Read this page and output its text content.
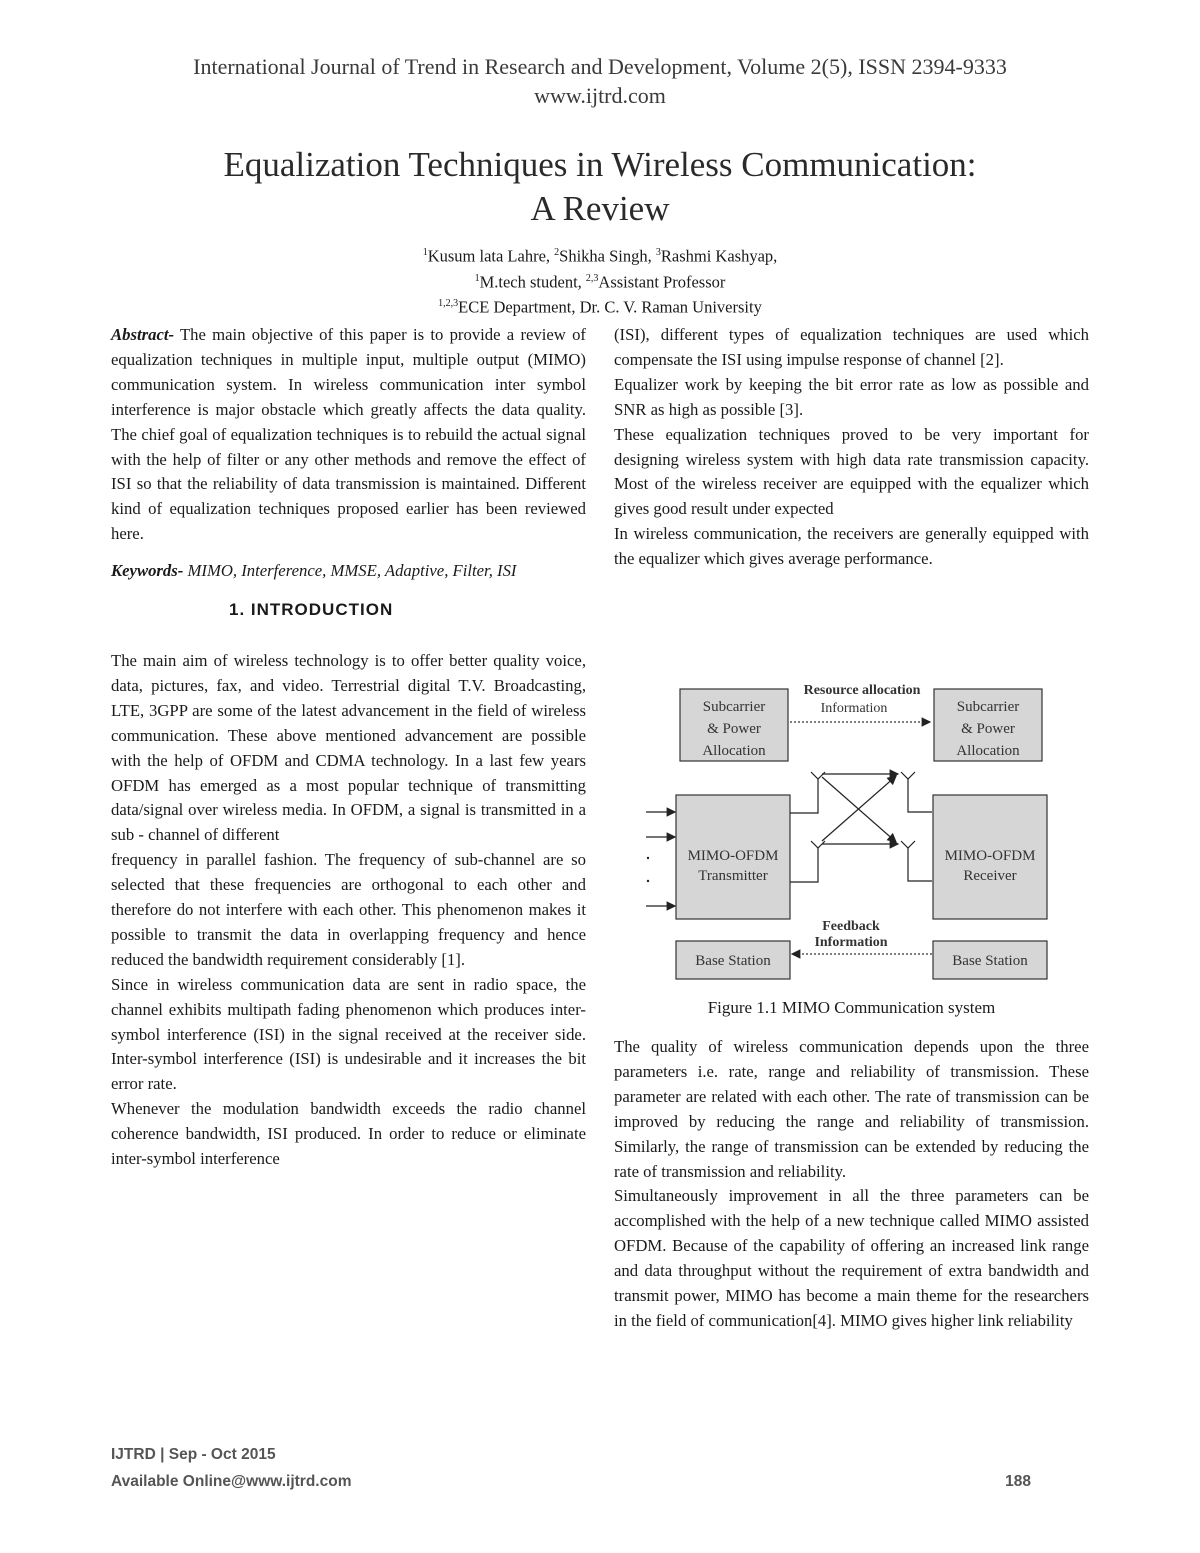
International Journal of Trend in Research and Development, Volume 2(5), ISSN 2394-9333
www.ijtrd.com
Equalization Techniques in Wireless Communication:
A Review
$^1$Kusum lata Lahre, $^2$Shikha Singh, $^3$Rashmi Kashyap,
$^1$M.tech student, $^{2,3}$Assistant Professor
$^{1,2,3}$ECE Department, Dr. C. V. Raman University

Abstract- The main objective of this paper is to provide a review of equalization techniques in multiple input, multiple output (MIMO) communication system. In wireless communication inter symbol interference is major obstacle which greatly affects the data quality. The chief goal of equalization techniques is to rebuild the actual signal with the help of filter or any other methods and remove the effect of ISI so that the reliability of data transmission is maintained. Different kind of equalization techniques proposed earlier has been reviewed here.

Keywords- MIMO, Interference, MMSE, Adaptive, Filter, ISI

1. INTRODUCTION

The main aim of wireless technology is to offer better quality voice, data, pictures, fax, and video. Terrestrial digital T.V. Broadcasting, LTE, 3GPP are some of the latest advancement in the field of wireless communication. These above mentioned advancement are possible with the help of OFDM and CDMA technology. In a last few years OFDM has emerged as a most popular technique of transmitting data/signal over wireless media. In OFDM, a signal is transmitted in a sub - channel of different

frequency in parallel fashion. The frequency of sub-channel are so selected that these frequencies are orthogonal to each other and therefore do not interfere with each other. This phenomenon makes it possible to transmit the data in overlapping frequency and hence reduced the bandwidth requirement considerably [1].

Since in wireless communication data are sent in radio space, the channel exhibits multipath fading phenomenon which produces inter-symbol interference (ISI) in the signal received at the receiver side. Inter-symbol interference (ISI) is undesirable and it increases the bit error rate.

Whenever the modulation bandwidth exceeds the radio channel coherence bandwidth, ISI produced. In order to reduce or eliminate inter-symbol interference

(ISI), different types of equalization techniques are used which compensate the ISI using impulse response of channel [2].

Equalizer work by keeping the bit error rate as low as possible and SNR as high as possible [3].

These equalization techniques proved to be very important for designing wireless system with high data rate transmission capacity. Most of the wireless receiver are equipped with the equalizer which gives good result under expected

In wireless communication, the receivers are generally equipped with the equalizer which gives average performance.

Subcarrier
& Power
Allocation
Subcarrier
& Power
Allocation
Resource allocation
Information
MIMO-OFDM
Transmitter
MIMO-OFDM
Receiver
Base Station	Base Station
Feedback
Information
Figure 1.1 MIMO Communication system

The quality of wireless communication depends upon the three parameters i.e. rate, range and reliability of transmission. These parameter are related with each other. The rate of transmission can be improved by reducing the range and reliability of transmission. Similarly, the range of transmission can be extended by reducing the rate of transmission and reliability.

Simultaneously improvement in all the three parameters can be accomplished with the help of a new technique called MIMO assisted OFDM. Because of the capability of offering an increased link range and data throughput without the requirement of extra bandwidth and transmit power, MIMO has become a main theme for the researchers in the field of communication[4]. MIMO gives higher link reliability

IJTRD | Sep - Oct 2015
Available Online@www.ijtrd.com	188
